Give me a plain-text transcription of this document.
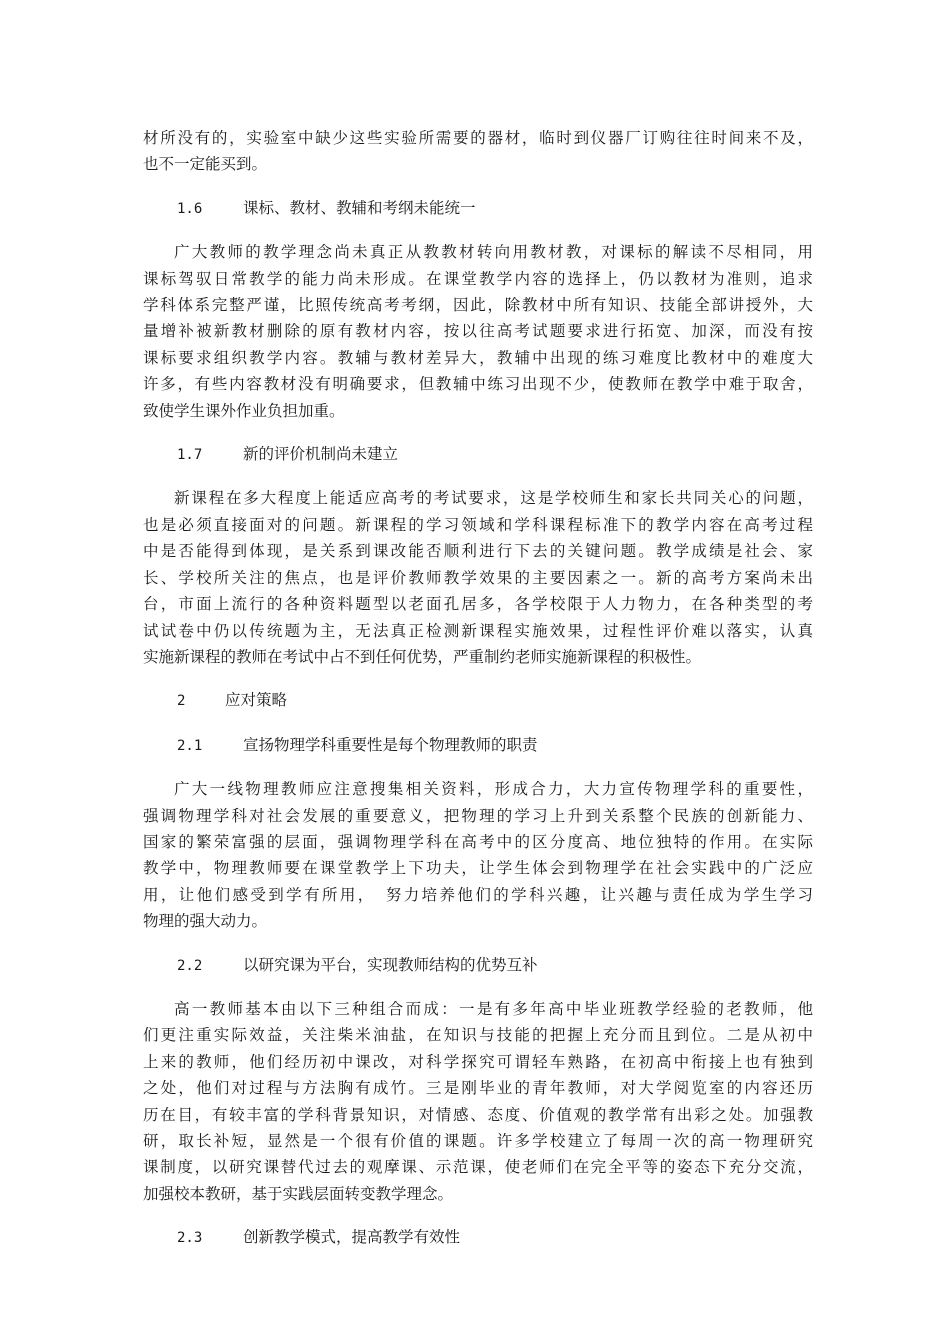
材所没有的，实验室中缺少这些实验所需要的器材，临时到仪器厂订购往往时间来不及，
也不一定能买到。
1.6	课标、教材、教辅和考纲未能统一
广大教师的教学理念尚未真正从教教材转向用教材教，对课标的解读不尽相同，用
课标驾驭日常教学的能力尚未形成。在课堂教学内容的选择上，仍以教材为准则，追求
学科体系完整严谨，比照传统高考考纲，因此，除教材中所有知识、技能全部讲授外，大
量增补被新教材删除的原有教材内容，按以往高考试题要求进行拓宽、加深，而没有按
课标要求组织教学内容。教辅与教材差异大，教辅中出现的练习难度比教材中的难度大
许多，有些内容教材没有明确要求，但教辅中练习出现不少，使教师在教学中难于取舍，
致使学生课外作业负担加重。
1.7	新的评价机制尚未建立
新课程在多大程度上能适应高考的考试要求，这是学校师生和家长共同关心的问题，
也是必须直接面对的问题。新课程的学习领域和学科课程标准下的教学内容在高考过程
中是否能得到体现，是关系到课改能否顺利进行下去的关键问题。教学成绩是社会、家
长、学校所关注的焦点，也是评价教师教学效果的主要因素之一。新的高考方案尚未出
台，市面上流行的各种资料题型以老面孔居多，各学校限于人力物力，在各种类型的考
试试卷中仍以传统题为主，无法真正检测新课程实施效果，过程性评价难以落实，认真
实施新课程的教师在考试中占不到任何优势，严重制约老师实施新课程的积极性。
2	应对策略
2.1	宣扬物理学科重要性是每个物理教师的职责
广大一线物理教师应注意搜集相关资料，形成合力，大力宣传物理学科的重要性，
强调物理学科对社会发展的重要意义，把物理的学习上升到关系整个民族的创新能力、
国家的繁荣富强的层面，强调物理学科在高考中的区分度高、地位独特的作用。在实际
教学中，物理教师要在课堂教学上下功夫，让学生体会到物理学在社会实践中的广泛应
用，让他们感受到学有所用，　努力培养他们的学科兴趣，让兴趣与责任成为学生学习
物理的强大动力。
2.2	以研究课为平台，实现教师结构的优势互补
高一教师基本由以下三种组合而成：一是有多年高中毕业班教学经验的老教师，他
们更注重实际效益，关注柴米油盐，在知识与技能的把握上充分而且到位。二是从初中
上来的教师，他们经历初中课改，对科学探究可谓轻车熟路，在初高中衔接上也有独到
之处，他们对过程与方法胸有成竹。三是刚毕业的青年教师，对大学阅览室的内容还历
历在目，有较丰富的学科背景知识，对情感、态度、价值观的教学常有出彩之处。加强教
研，取长补短，显然是一个很有价值的课题。许多学校建立了每周一次的高一物理研究
课制度，以研究课替代过去的观摩课、示范课，使老师们在完全平等的姿态下充分交流，
加强校本教研，基于实践层面转变教学理念。
2.3	创新教学模式，提高教学有效性
